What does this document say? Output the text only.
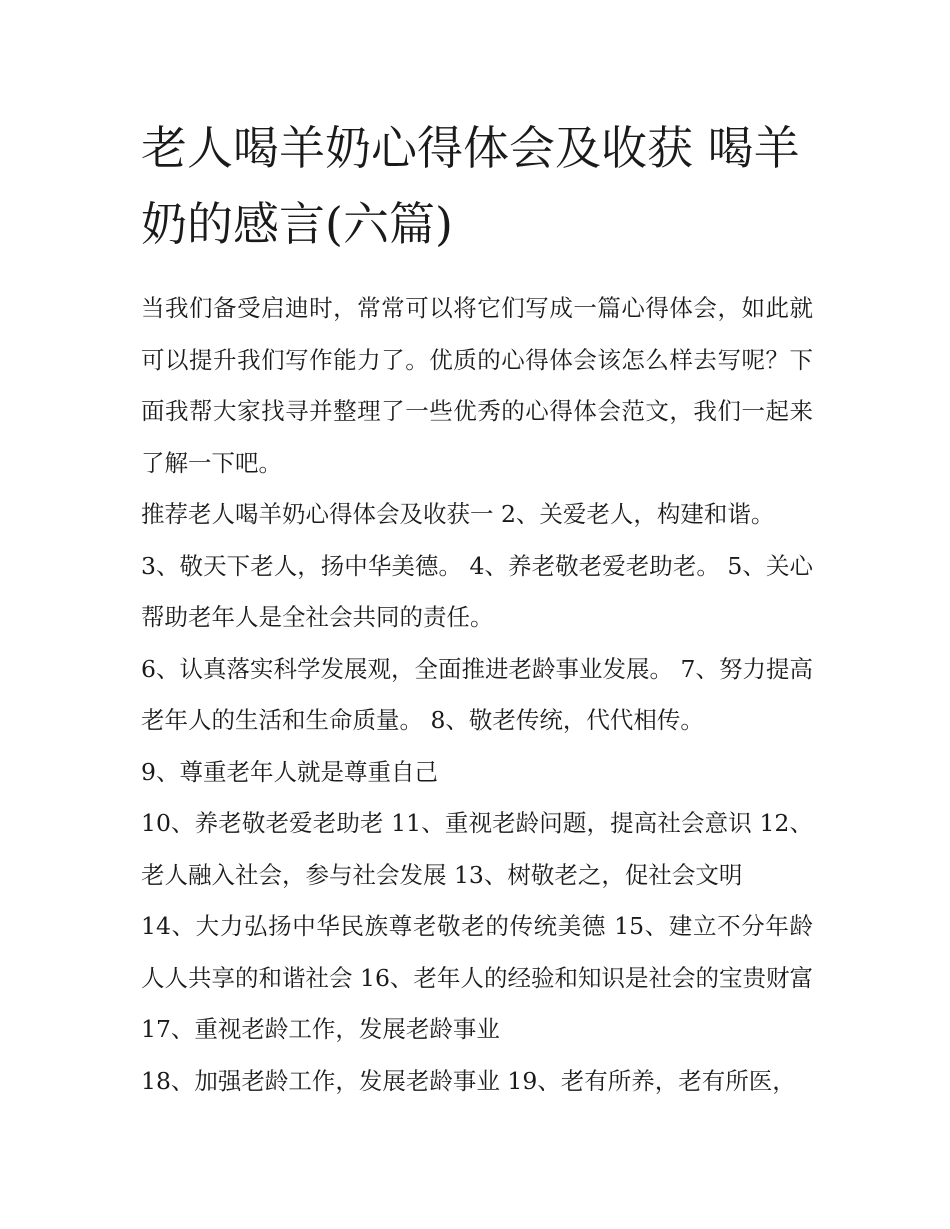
老人喝羊奶心得体会及收获 喝羊奶的感言(六篇)

当我们备受启迪时，常常可以将它们写成一篇心得体会，如此就可以提升我们写作能力了。优质的心得体会该怎么样去写呢？下面我帮大家找寻并整理了一些优秀的心得体会范文，我们一起来了解一下吧。

推荐老人喝羊奶心得体会及收获一 2、关爱老人，构建和谐。

3、敬天下老人，扬中华美德。 4、养老敬老爱老助老。 5、关心帮助老年人是全社会共同的责任。

6、认真落实科学发展观，全面推进老龄事业发展。 7、努力提高老年人的生活和生命质量。 8、敬老传统，代代相传。

9、尊重老年人就是尊重自己

10、养老敬老爱老助老 11、重视老龄问题，提高社会意识 12、老人融入社会，参与社会发展 13、树敬老之，促社会文明

14、大力弘扬中华民族尊老敬老的传统美德 15、建立不分年龄人人共享的和谐社会 16、老年人的经验和知识是社会的宝贵财富 17、重视老龄工作，发展老龄事业

18、加强老龄工作，发展老龄事业 19、老有所养，老有所医，
